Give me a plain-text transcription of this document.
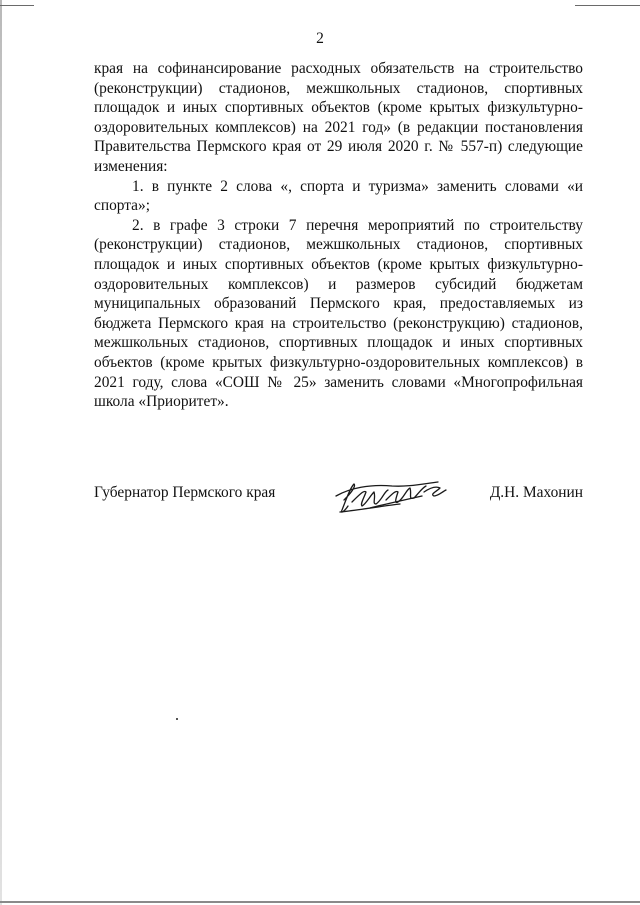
2

края на софинансирование расходных обязательств на строительство (реконструкции) стадионов, межшкольных стадионов, спортивных площадок и иных спортивных объектов (кроме крытых физкультурно-оздоровительных комплексов) на 2021 год» (в редакции постановления Правительства Пермского края от 29 июля 2020 г. № 557-п) следующие изменения:

1. в пункте 2 слова «, спорта и туризма» заменить словами «и спорта»;

2. в графе 3 строки 7 перечня мероприятий по строительству (реконструкции) стадионов, межшкольных стадионов, спортивных площадок и иных спортивных объектов (кроме крытых физкультурно-оздоровительных комплексов) и размеров субсидий бюджетам муниципальных образований Пермского края, предоставляемых из бюджета Пермского края на строительство (реконструкцию) стадионов, межшкольных стадионов, спортивных площадок и иных спортивных объектов (кроме крытых физкультурно-оздоровительных комплексов) в 2021 году, слова «СОШ № 25» заменить словами «Многопрофильная школа «Приоритет».

Губернатор Пермского края	Д.Н. Махонин
